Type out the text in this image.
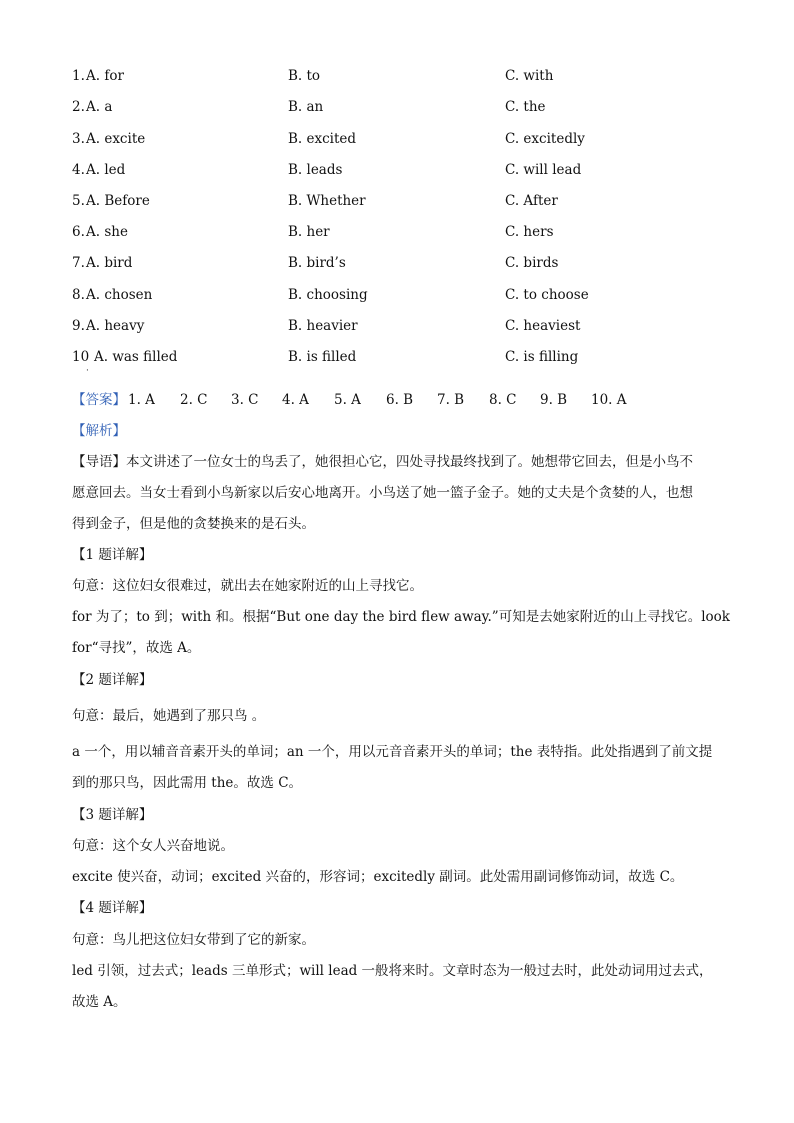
1. A. for	B. to	C. with
2. A. a	B. an	C. the
3. A. excite	B. excited	C. excitedly
4. A. led	B. leads	C. will lead
5. A. Before	B. Whether	C. After
6. A. she	B. her	C. hers
7. A. bird	B. bird’s	C. birds
8. A. chosen	B. choosing	C. to choose
9. A. heavy	B. heavier	C. heaviest
10 A. was filled	B. is filled	C. is filling
·
【答案】 1. A 2. C 3. C 4. A 5. A 6. B 7. B 8. C 9. B 10. A
【解析】
【导语】本文讲述了一位女士的鸟丢了，她很担心它，四处寻找最终找到了。她想带它回去，但是小鸟不
愿意回去。当女士看到小鸟新家以后安心地离开。小鸟送了她一篮子金子。她的丈夫是个贪婪的人，也想
得到金子，但是他的贪婪换来的是石头。
【1 题详解】
句意：这位妇女很难过，就出去在她家附近的山上寻找它。
for 为了；to 到；with 和。根据“But one day the bird flew away.”可知是去她家附近的山上寻找它。look
for“寻找”，故选 A。
【2 题详解】
句意：最后，她遇到了那只鸟 。
a 一个，用以辅音音素开头的单词；an 一个，用以元音音素开头的单词；the 表特指。此处指遇到了前文提
到的那只鸟，因此需用 the。故选 C。
【3 题详解】
句意：这个女人兴奋地说。
excite 使兴奋，动词；excited 兴奋的，形容词；excitedly 副词。此处需用副词修饰动词，故选 C。
【4 题详解】
句意：鸟儿把这位妇女带到了它的新家。
led 引领，过去式；leads 三单形式；will lead 一般将来时。文章时态为一般过去时，此处动词用过去式，
故选 A。
